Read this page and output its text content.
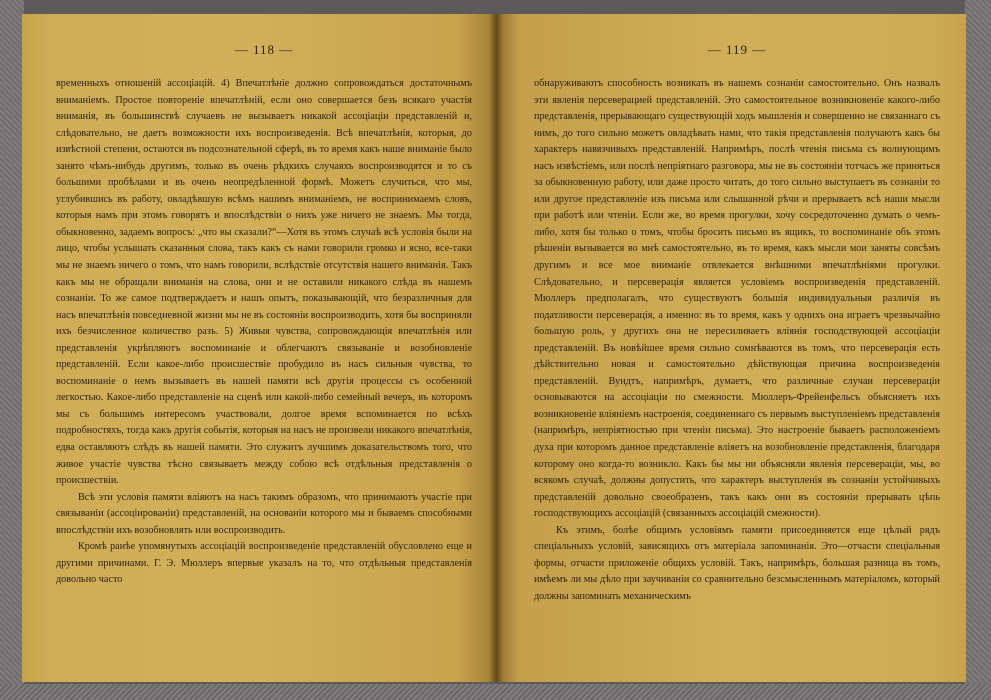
— 118 —

временныхъ отношеній ассоціацій. 4) Впечатлѣніе должно сопровождаться достаточнымъ вниманіемъ. Простое повтореніе впечатлѣній, если оно совершается безъ всякаго участія вниманія, въ большинствѣ случаевъ не вызываетъ никакой ассоціаціи представленій и, слѣдовательно, не даетъ возможности ихъ воспроизведенія. Всѣ впечатлѣнія, которыя, до извѣстной степени, остаются въ подсознательной сферѣ, въ то время какъ наше вниманіе было занято чѣмъ-нибудь другимъ, только въ очень рѣдкихъ случаяхъ воспроизводятся и то съ большими пробѣлами и въ очень неопредѣленной формѣ. Можетъ случиться, что мы, углубившись въ работу, овладѣвшую всѣмъ нашимъ вниманіемъ, не воспринимаемъ словъ, которыя намъ при этомъ говорятъ и впослѣдствіи о нихъ уже ничего не знаемъ. Мы тогда, обыкновенно, задаемъ вопросъ: „что вы сказали?“—Хотя въ этомъ случаѣ всѣ условія были на лицо, чтобы услышать сказанныя слова, такъ какъ съ нами говорили громко и ясно, все-таки мы не знаемъ ничего о томъ, что намъ говорили, вслѣдствіе отсутствія нашего вниманія. Такъ какъ мы не обращали вниманія на слова, они и не оставили никакого слѣда въ нашемъ сознаніи. То же самое подтверждаетъ и нашъ опытъ, показывающій, что безразличныя для насъ впечатлѣнія повседневной жизни мы не въ состояніи воспроизводить, хотя бы восприняли ихъ безчисленное количество разъ. 5) Живыя чувства, сопровождающія впечатлѣнія или представленія укрѣпляютъ воспоминаніе и облегчаютъ связываніе и возобновленіе представленій. Если какое-либо происшествіе пробудило въ насъ сильныя чувства, то воспоминаніе о немъ вызываетъ въ нашей памяти всѣ другія процессы съ особенной легкостью. Какое-либо представленіе на сценѣ или какой-либо семейный вечеръ, въ которомъ мы съ большимъ интересомъ участвовали, долгое время вспоминается по всѣхъ подробностяхъ, тогда какъ другія событія, которыя на насъ не произвели никакого впечатлѣнія, едва оставляютъ слѣдъ въ нашей памяти. Это служитъ лучшимъ доказательствомъ того, что живое участіе чувства тѣсно связываетъ между собою всѣ отдѣльныя представленія о происшествіи.

Всѣ эти условія памяти вліяютъ на насъ такимъ образомъ, что принимаютъ участіе при связываніи (ассоціированіи) представленій, на основаніи которого мы и бываемъ способными впослѣдствіи ихъ возобновлять или воспроизводить.

Кромѣ ранѣе упомянутыхъ ассоціацій воспроизведеніе представленій обусловлено еще и другими причинами. Г. Э. Мюллеръ впервые указалъ на то, что отдѣльныя представленія довольно часто

— 119 —

обнаруживаютъ способность возникать въ нашемъ сознаніи самостоятельно. Онъ назвалъ эти явленія персеверацией представленій. Это самостоятельное возникновеніе какого-либо представленія, прерывающаго существующій ходъ мышленія и совершенно не связаннаго съ нимъ, до того сильно можетъ овладѣвать нами, что такія представленія получаютъ какъ бы характеръ навязчивыхъ представленій. Напримѣръ, послѣ чтенія письма съ волнующимъ насъ извѣстіемъ, или послѣ непріятнаго разговора, мы не въ состояніи тотчасъ же приняться за обыкновенную работу, или даже просто читать, до того сильно выступаетъ въ сознаніи то или другое представленіе изъ письма или слышанной рѣчи и прерываетъ всѣ наши мысли при работѣ или чтеніи. Если же, во время прогулки, хочу сосредоточенно думать о чемъ-либо, хотя бы только о томъ, чтобы бросить письмо въ ящикъ, то воспоминаніе объ этомъ рѣшеніи вызывается во мнѣ самостоятельно, въ то время, какъ мысли мои заняты совсѣмъ другимъ и все мое вниманіе отвлекается внѣшними впечатлѣніями прогулки. Слѣдовательно, и персеверація является условіемъ воспроизведенія представленій. Мюллеръ предполагалъ, что существуютъ большія индивидуальныя различія въ податливости персеверація, а именно: въ то время, какъ у однихъ она играетъ чрезвычайно большую роль, у другихъ она не пересиливаетъ вліянія господствующей ассоціаціи представленій. Въ новѣйшее время сильно сомнѣваются въ томъ, что персеверація есть дѣйствительно новая и самостоятельно дѣйствующая причина воспроизведенія представленій. Вундтъ, напримѣръ, думаетъ, что различные случаи персевераціи основываются на ассоціаціи по смежности. Мюллеръ-Фрейенфельсъ объясняетъ ихъ возникновеніе вліяніемъ настроенія, соединеннаго съ первымъ выступленіемъ представленія (напримѣръ, непріятностью при чтеніи письма). Это настроеніе бываетъ расположеніемъ духа при которомъ данное представленіе вліяетъ на возобновленіе представленія, благодаря которому оно когда-то возникло. Какъ бы мы ни объясняли явленія персевераціи, мы, во всякомъ случаѣ, должны допустить, что характеръ выступленія въ сознаніи устойчивыхъ представленій довольно своеобразенъ, такъ какъ они въ состояніи прерывать цѣпь господствующихъ ассоціацій (связанныхъ ассоціацій смежности).

Къ этимъ, болѣе общимъ условіямъ памяти присоединяется еще цѣлый рядъ спеціальныхъ условій, зависящихъ отъ матеріала запоминанія. Это—отчасти спеціальныя формы, отчасти приложеніе общихъ условій. Такъ, напримѣръ, большая разница въ томъ, имѣемъ ли мы дѣло при заучиваніи со сравнительно безсмысленнымъ матеріаломъ, который должны запоминать механическимъ
